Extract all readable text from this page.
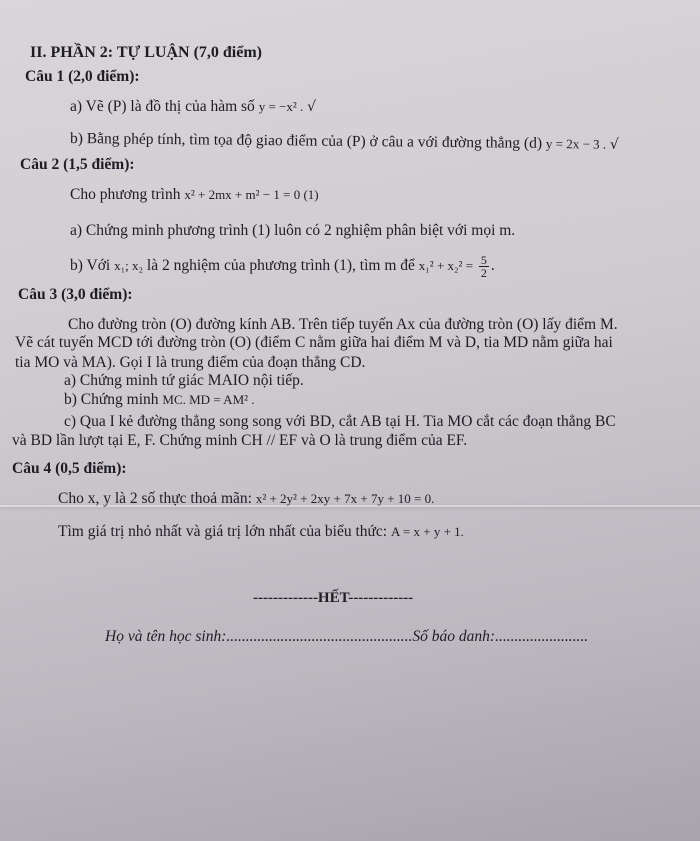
II. PHẦN 2: TỰ LUẬN (7,0 điểm)
Câu 1 (2,0 điểm):
a) Vẽ (P) là đồ thị của hàm số y = −x² . √
b) Bằng phép tính, tìm tọa độ giao điểm của (P) ở câu a với đường thẳng (d) y = 2x − 3 . √
Câu 2 (1,5 điểm):
Cho phương trình x² + 2mx + m² − 1 = 0 (1)
a) Chứng minh phương trình (1) luôn có 2 nghiệm phân biệt với mọi m.
b) Với x₁; x₂ là 2 nghiệm của phương trình (1), tìm m để $x_1^2 + x_2^2 = \frac{5}{2}$ .
Câu 3 (3,0 điểm):
Cho đường tròn (O) đường kính AB. Trên tiếp tuyến Ax của đường tròn (O) lấy điểm M.
Vẽ cát tuyến MCD tới đường tròn (O) (điểm C nằm giữa hai điểm M và D, tia MD nằm giữa hai
tia MO và MA). Gọi I là trung điểm của đoạn thẳng CD.
a) Chứng minh tứ giác MAIO nội tiếp.
b) Chứng minh MC. MD = AM² .
c) Qua I kẻ đường thẳng song song với BD, cắt AB tại H. Tia MO cắt các đoạn thẳng BC
và BD lần lượt tại E, F. Chứng minh CH // EF và O là trung điểm của EF.
Câu 4 (0,5 điểm):
Cho x, y là 2 số thực thoả mãn: x² + 2y² + 2xy + 7x + 7y + 10 = 0.
Tìm giá trị nhỏ nhất và giá trị lớn nhất của biểu thức: A = x + y + 1.
-------------HẾT-------------
Họ và tên học sinh:................................................Số báo danh:........................
